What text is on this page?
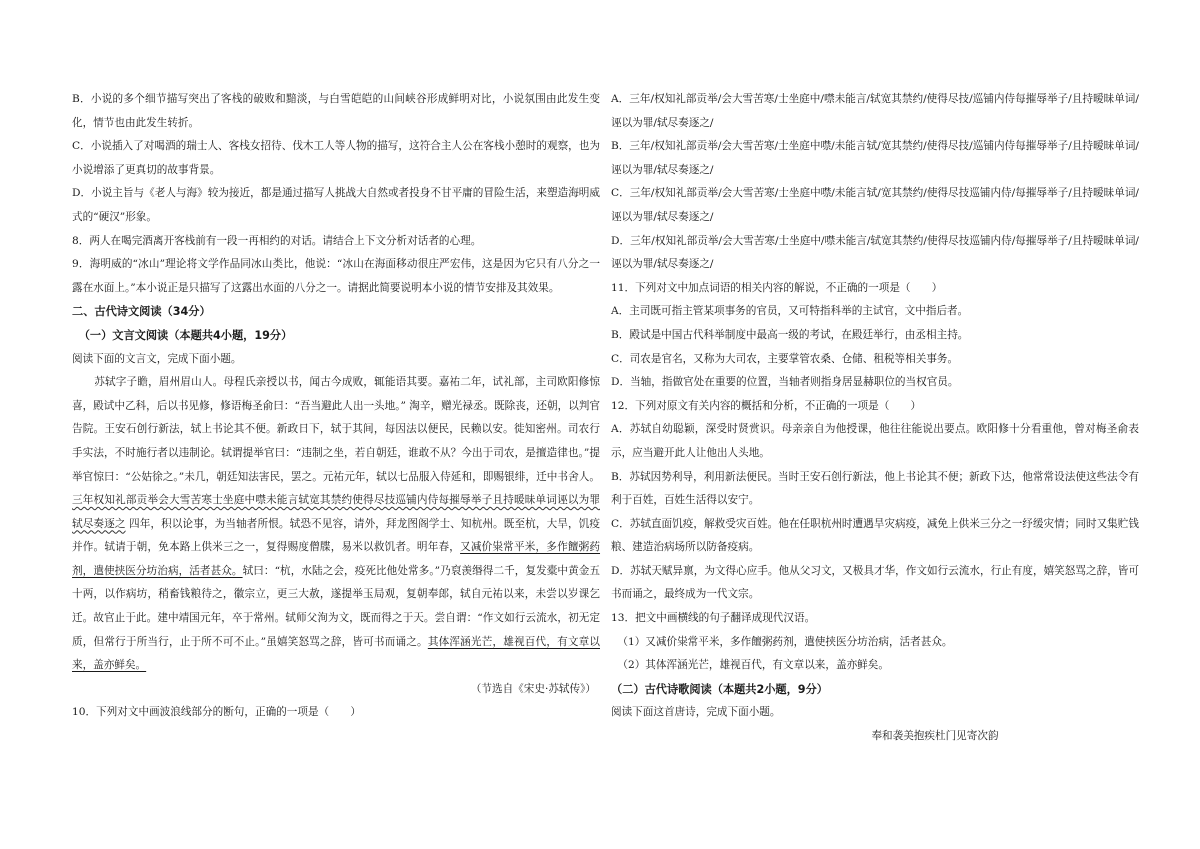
B．小说的多个细节描写突出了客栈的破败和黯淡，与白雪皑皑的山间峡谷形成鲜明对比，小说氛围由此发生变化，情节也由此发生转折。

C．小说插入了对喝酒的瑞士人、客栈女招待、伐木工人等人物的描写，这符合主人公在客栈小憩时的观察，也为小说增添了更真切的故事背景。

D．小说主旨与《老人与海》较为接近，都是通过描写人挑战大自然或者投身不甘平庸的冒险生活，来塑造海明威式的“硬汉”形象。

8．两人在喝完酒离开客栈前有一段一再相约的对话。请结合上下文分析对话者的心理。

9．海明威的“冰山”理论将文学作品同冰山类比，他说：“冰山在海面移动很庄严宏伟，这是因为它只有八分之一露在水面上。”本小说正是只描写了这露出水面的八分之一。请据此简要说明本小说的情节安排及其效果。

二、古代诗文阅读（34分）

（一）文言文阅读（本题共4小题，19分）

阅读下面的文言文，完成下面小题。

苏轼字子瞻，眉州眉山人。母程氏亲授以书，闻古今成败，辄能语其要。嘉祐二年，试礼部，主司欧阳修惊喜，殿试中乙科，后以书见修，修语梅圣俞曰：“吾当避此人出一头地。” 淘辛，赠光禄丞。既除丧，还朝，以判官告院。王安石创行新法，轼上书论其不便。新政日下，轼于其间，每因法以便民，民赖以安。徙知密州。司农行手实法，不时施行者以违制论。轼谓提举官曰：“违制之坐，若自朝廷，谁敢不从？今出于司农，是擅造律也。”提举官惊曰：“公姑徐之。”未几，朝廷知法害民，罢之。元祐元年，轼以七品服入侍延和，即赐银绯，迁中书舍人。三年权知礼部贡举会大雪苦寒士坐庭中噤未能言轼宽其禁约使得尽技巡铺内侍每摧辱举子且持暖昧单词诬以为罪轼尽奏逐之 四年，积以论事，为当轴者所恨。轼恐不见容，请外，拜龙图阁学士、知杭州。既至杭，大旱，饥疫并作。轼请于朝，免本路上供米三之一，复得赐度僧牒，易米以救饥者。明年春，又减价粜常平米，多作饘粥药剂，遣使挟医分坊治病，活者甚众。轼曰：“杭，水陆之会，疫死比他处常多。”乃裒羡缗得二千，复发橐中黄金五十两，以作病坊，稍畜钱粮待之，徽宗立，更三大赦，遂提举玉局观，复朝奉郎，轼自元祐以来，未尝以岁课乞迁。故官止于此。建中靖国元年，卒于常州。轼师父洵为文，既而得之于天。尝自谓：“作文如行云流水，初无定质，但常行于所当行，止于所不可不止。”虽嬉笑怒骂之辞，皆可书而诵之。其体浑涵光芒，雄视百代，有文章以来，盖亦鲜矣。

（节选自《宋史·苏轼传》）

10．下列对文中画波浪线部分的断句，正确的一项是（　　）

A．三年/权知礼部贡举/会大雪苦寒/士坐庭中/噤未能言/轼宽其禁约/使得尽技/巡铺内侍每摧辱举子/且持暧昧单词/诬以为罪/轼尽奏逐之/

B．三年/权知礼部贡举/会大雪苦寒/士坐庭中噤/未能言轼/宽其禁约/使得尽技/巡铺内侍每摧辱举子/且持暧昧单词/诬以为罪/轼尽奏逐之/

C．三年/权知礼部贡举/会大雪苦寒/士坐庭中噤/未能言轼/宽其禁约/使得尽技巡铺内侍/每摧辱举子/且持暧昧单词/诬以为罪/轼尽奏逐之/

D．三年/权知礼部贡举/会大雪苦寒/士坐庭中/噤未能言/轼宽其禁约/使得尽技巡铺内侍/每摧辱举子/且持暧昧单词/诬以为罪/轼尽奏逐之/

11．下列对文中加点词语的相关内容的解说，不正确的一项是（　　）

A．主司既可指主管某项事务的官员，又可特指科举的主试官，文中指后者。

B．殿试是中国古代科举制度中最高一级的考试，在殿廷举行，由丞相主持。

C．司农是官名，又称为大司农，主要掌管农桑、仓储、租税等相关事务。

D．当轴，指做官处在重要的位置，当轴者则指身居显赫职位的当权官员。

12．下列对原文有关内容的概括和分析，不正确的一项是（　　）

A．苏轼自幼聪颖，深受时贤赏识。母亲亲自为他授课，他往往能说出要点。欧阳修十分看重他，曾对梅圣俞表示，应当避开此人让他出人头地。

B．苏轼因势利导，利用新法便民。当时王安石创行新法，他上书论其不便；新政下达，他常常设法使这些法令有利于百姓，百姓生活得以安宁。

C．苏轼直面饥疫，解救受灾百姓。他在任职杭州时遭遇旱灾病疫，减免上供米三分之一纾缓灾情；同时又集贮钱粮、建造治病场所以防备疫病。

D．苏轼天赋异禀，为文得心应手。他从父习文，又极具才华，作文如行云流水，行止有度，嬉笑怒骂之辞，皆可书而诵之，最终成为一代文宗。

13．把文中画横线的句子翻译成现代汉语。

（1）又减价粜常平米，多作饘粥药剂，遣使挟医分坊治病，活者甚众。

（2）其体浑涵光芒，雄视百代，有文章以来，盖亦鲜矣。

（二）古代诗歌阅读（本题共2小题，9分）

阅读下面这首唐诗，完成下面小题。

奉和袭美抱疾杜门见寄次韵
